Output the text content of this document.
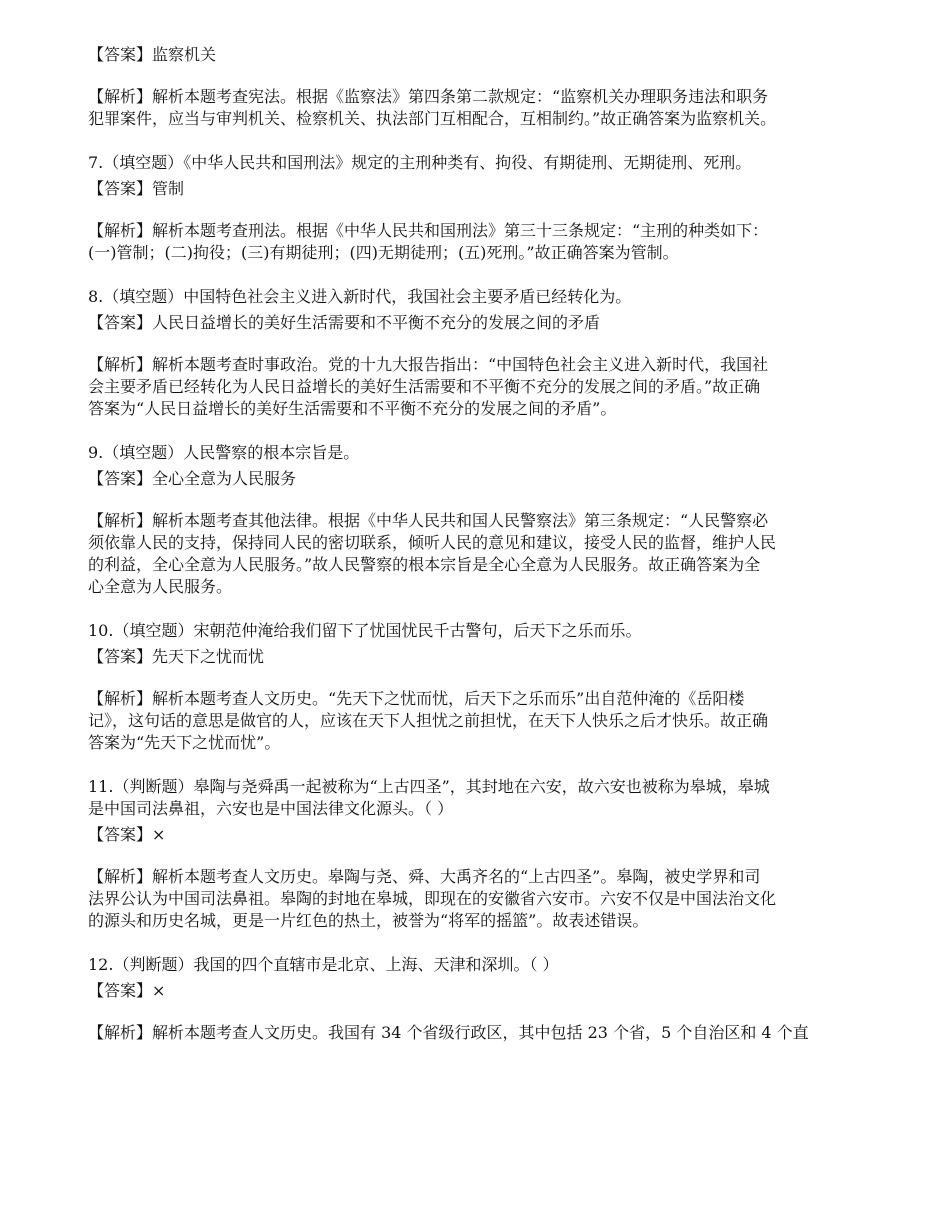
【答案】监察机关
【解析】解析本题考查宪法。根据《监察法》第四条第二款规定：“监察机关办理职务违法和职务
犯罪案件，应当与审判机关、检察机关、执法部门互相配合，互相制约。”故正确答案为监察机关。
7.（填空题）《中华人民共和国刑法》规定的主刑种类有、拘役、有期徒刑、无期徒刑、死刑。
【答案】管制
【解析】解析本题考查刑法。根据《中华人民共和国刑法》第三十三条规定：“主刑的种类如下：
(一)管制；(二)拘役；(三)有期徒刑；(四)无期徒刑；(五)死刑。”故正确答案为管制。
8.（填空题）中国特色社会主义进入新时代，我国社会主要矛盾已经转化为。
【答案】人民日益增长的美好生活需要和不平衡不充分的发展之间的矛盾
【解析】解析本题考查时事政治。党的十九大报告指出：“中国特色社会主义进入新时代，我国社
会主要矛盾已经转化为人民日益增长的美好生活需要和不平衡不充分的发展之间的矛盾。”故正确
答案为“人民日益增长的美好生活需要和不平衡不充分的发展之间的矛盾”。
9.（填空题）人民警察的根本宗旨是。
【答案】全心全意为人民服务
【解析】解析本题考查其他法律。根据《中华人民共和国人民警察法》第三条规定：“人民警察必
须依靠人民的支持，保持同人民的密切联系，倾听人民的意见和建议，接受人民的监督，维护人民
的利益，全心全意为人民服务。”故人民警察的根本宗旨是全心全意为人民服务。故正确答案为全
心全意为人民服务。
10.（填空题）宋朝范仲淹给我们留下了忧国忧民千古警句，后天下之乐而乐。
【答案】先天下之忧而忧
【解析】解析本题考查人文历史。“先天下之忧而忧，后天下之乐而乐”出自范仲淹的《岳阳楼
记》，这句话的意思是做官的人，应该在天下人担忧之前担忧，在天下人快乐之后才快乐。故正确
答案为“先天下之忧而忧”。
11.（判断题）皋陶与尧舜禹一起被称为“上古四圣”，其封地在六安，故六安也被称为皋城，皋城
是中国司法鼻祖，六安也是中国法律文化源头。（ ）
【答案】×
【解析】解析本题考查人文历史。皋陶与尧、舜、大禹齐名的“上古四圣”。皋陶，被史学界和司
法界公认为中国司法鼻祖。皋陶的封地在皋城，即现在的安徽省六安市。六安不仅是中国法治文化
的源头和历史名城，更是一片红色的热土，被誉为“将军的摇篮”。故表述错误。
12.（判断题）我国的四个直辖市是北京、上海、天津和深圳。（ ）
【答案】×
【解析】解析本题考查人文历史。我国有 34 个省级行政区，其中包括 23 个省，5 个自治区和 4 个直
